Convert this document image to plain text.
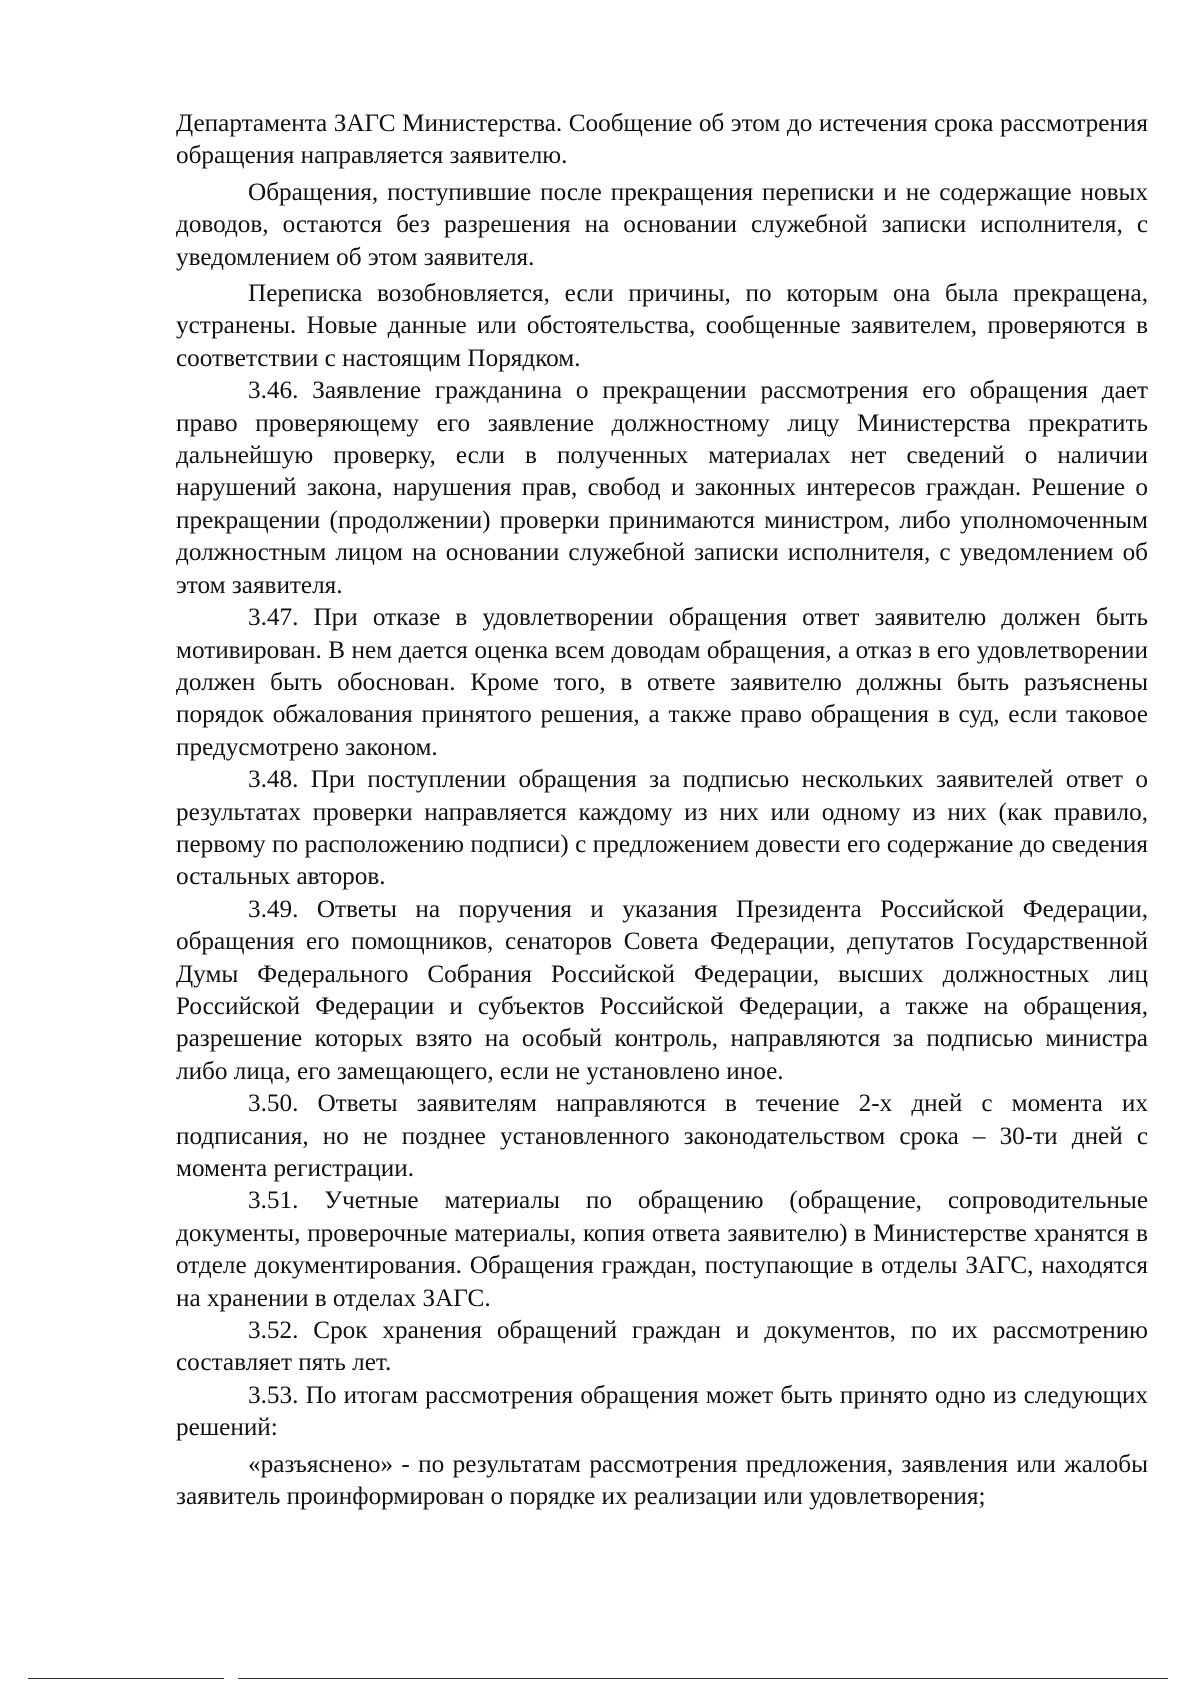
Департамента ЗАГС Министерства. Сообщение об этом до истечения срока рассмотрения обращения направляется заявителю.

Обращения, поступившие после прекращения переписки и не содержащие новых доводов, остаются без разрешения на основании служебной записки исполнителя, с уведомлением об этом заявителя.

Переписка возобновляется, если причины, по которым она была прекращена, устранены. Новые данные или обстоятельства, сообщенные заявителем, проверяются в соответствии с настоящим Порядком.

3.46. Заявление гражданина о прекращении рассмотрения его обращения дает право проверяющему его заявление должностному лицу Министерства прекратить дальнейшую проверку, если в полученных материалах нет сведений о наличии нарушений закона, нарушения прав, свобод и законных интересов граждан. Решение о прекращении (продолжении) проверки принимаются министром, либо уполномоченным должностным лицом на основании служебной записки исполнителя, с уведомлением об этом заявителя.

3.47. При отказе в удовлетворении обращения ответ заявителю должен быть мотивирован. В нем дается оценка всем доводам обращения, а отказ в его удовлетворении должен быть обоснован. Кроме того, в ответе заявителю должны быть разъяснены порядок обжалования принятого решения, а также право обращения в суд, если таковое предусмотрено законом.

3.48. При поступлении обращения за подписью нескольких заявителей ответ о результатах проверки направляется каждому из них или одному из них (как правило, первому по расположению подписи) с предложением довести его содержание до сведения остальных авторов.

3.49. Ответы на поручения и указания Президента Российской Федерации, обращения его помощников, сенаторов Совета Федерации, депутатов Государственной Думы Федерального Собрания Российской Федерации, высших должностных лиц Российской Федерации и субъектов Российской Федерации, а также на обращения, разрешение которых взято на особый контроль, направляются за подписью министра либо лица, его замещающего, если не установлено иное.

3.50. Ответы заявителям направляются в течение 2-х дней с момента их подписания, но не позднее установленного законодательством срока – 30-ти дней с момента регистрации.

3.51. Учетные материалы по обращению (обращение, сопроводительные документы, проверочные материалы, копия ответа заявителю) в Министерстве хранятся в отделе документирования. Обращения граждан, поступающие в отделы ЗАГС, находятся на хранении в отделах ЗАГС.

3.52. Срок хранения обращений граждан и документов, по их рассмотрению составляет пять лет.

3.53. По итогам рассмотрения обращения может быть принято одно из следующих решений:

«разъяснено» - по результатам рассмотрения предложения, заявления или жалобы заявитель проинформирован о порядке их реализации или удовлетворения;
